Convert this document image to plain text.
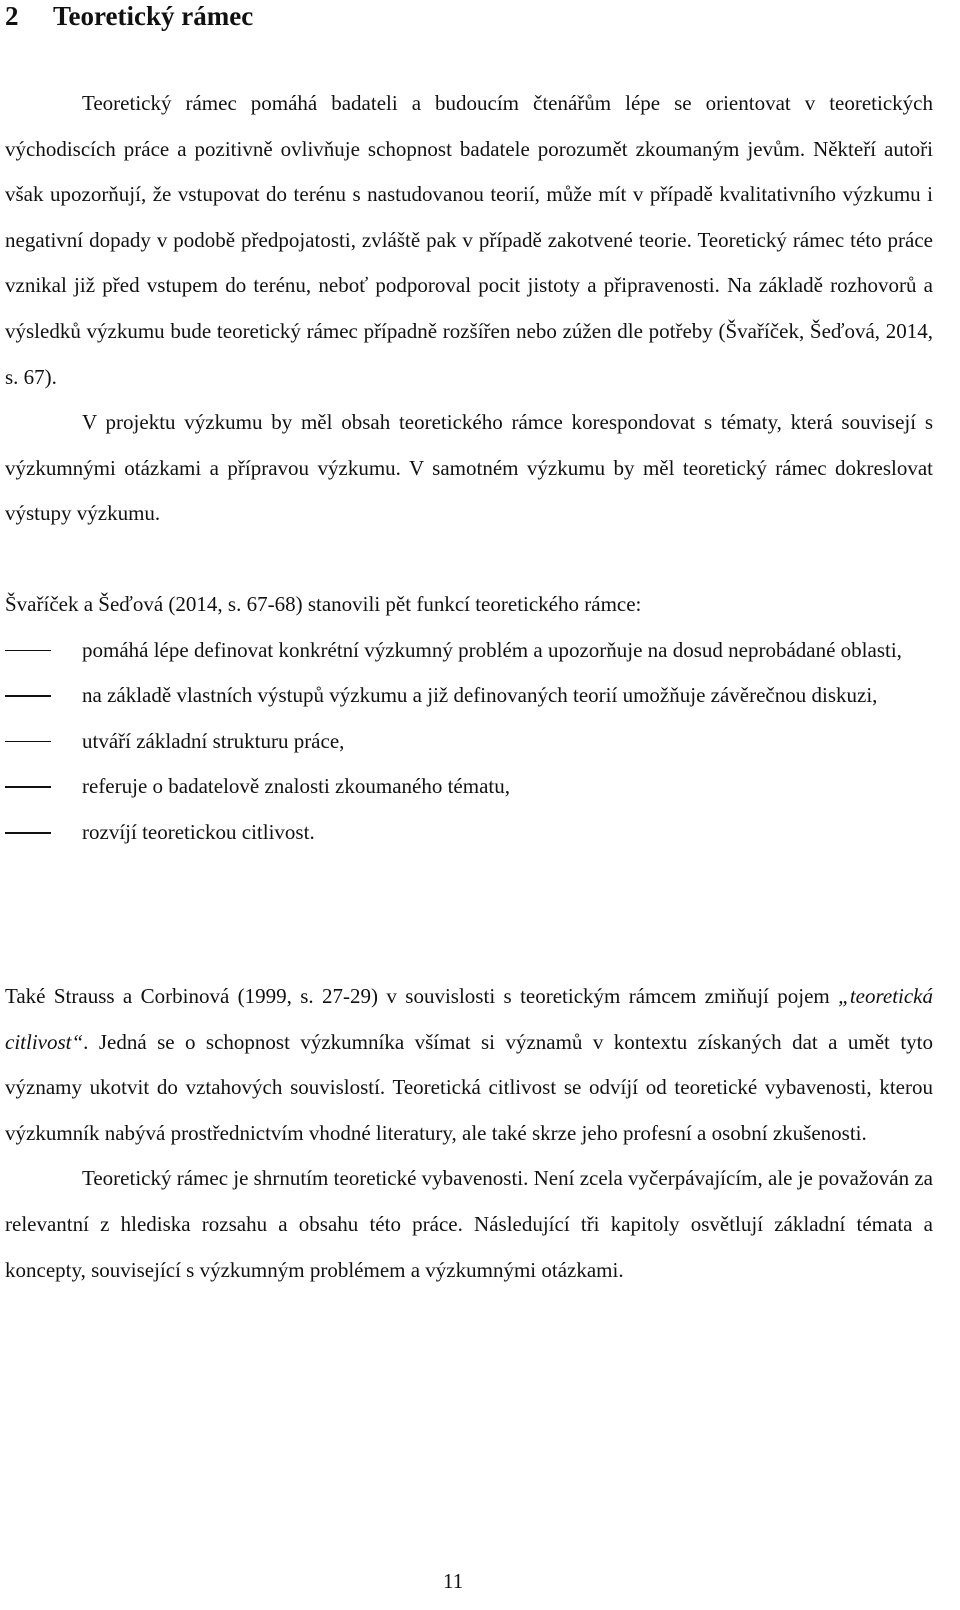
2 Teoretický rámec

Teoretický rámec pomáhá badateli a budoucím čtenářům lépe se orientovat v teoretických východiscích práce a pozitivně ovlivňuje schopnost badatele porozumět zkoumaným jevům. Někteří autoři však upozorňují, že vstupovat do terénu s nastudovanou teorií, může mít v případě kvalitativního výzkumu i negativní dopady v podobě předpojatosti, zvláště pak v případě zakotvené teorie. Teoretický rámec této práce vznikal již před vstupem do terénu, neboť podporoval pocit jistoty a připravenosti. Na základě rozhovorů a výsledků výzkumu bude teoretický rámec případně rozšířen nebo zúžen dle potřeby (Švaříček, Šeďová, 2014, s. 67).

V projektu výzkumu by měl obsah teoretického rámce korespondovat s tématy, která souvisejí s výzkumnými otázkami a přípravou výzkumu. V samotném výzkumu by měl teoretický rámec dokreslovat výstupy výzkumu.

Švaříček a Šeďová (2014, s. 67-68) stanovili pět funkcí teoretického rámce:

pomáhá lépe definovat konkrétní výzkumný problém a upozorňuje na dosud neprobádané oblasti,
na základě vlastních výstupů výzkumu a již definovaných teorií umožňuje závěrečnou diskuzi,
utváří základní strukturu práce,
referuje o badatelově znalosti zkoumaného tématu,
rozvíjí teoretickou citlivost.

Také Strauss a Corbinová (1999, s. 27-29) v souvislosti s teoretickým rámcem zmiňují pojem „teoretická citlivost“. Jedná se o schopnost výzkumníka všímat si významů v kontextu získaných dat a umět tyto významy ukotvit do vztahových souvislostí. Teoretická citlivost se odvíjí od teoretické vybavenosti, kterou výzkumník nabývá prostřednictvím vhodné literatury, ale také skrze jeho profesní a osobní zkušenosti.

Teoretický rámec je shrnutím teoretické vybavenosti. Není zcela vyčerpávajícím, ale je považován za relevantní z hlediska rozsahu a obsahu této práce. Následující tři kapitoly osvětlují základní témata a koncepty, související s výzkumným problémem a výzkumnými otázkami.

11
